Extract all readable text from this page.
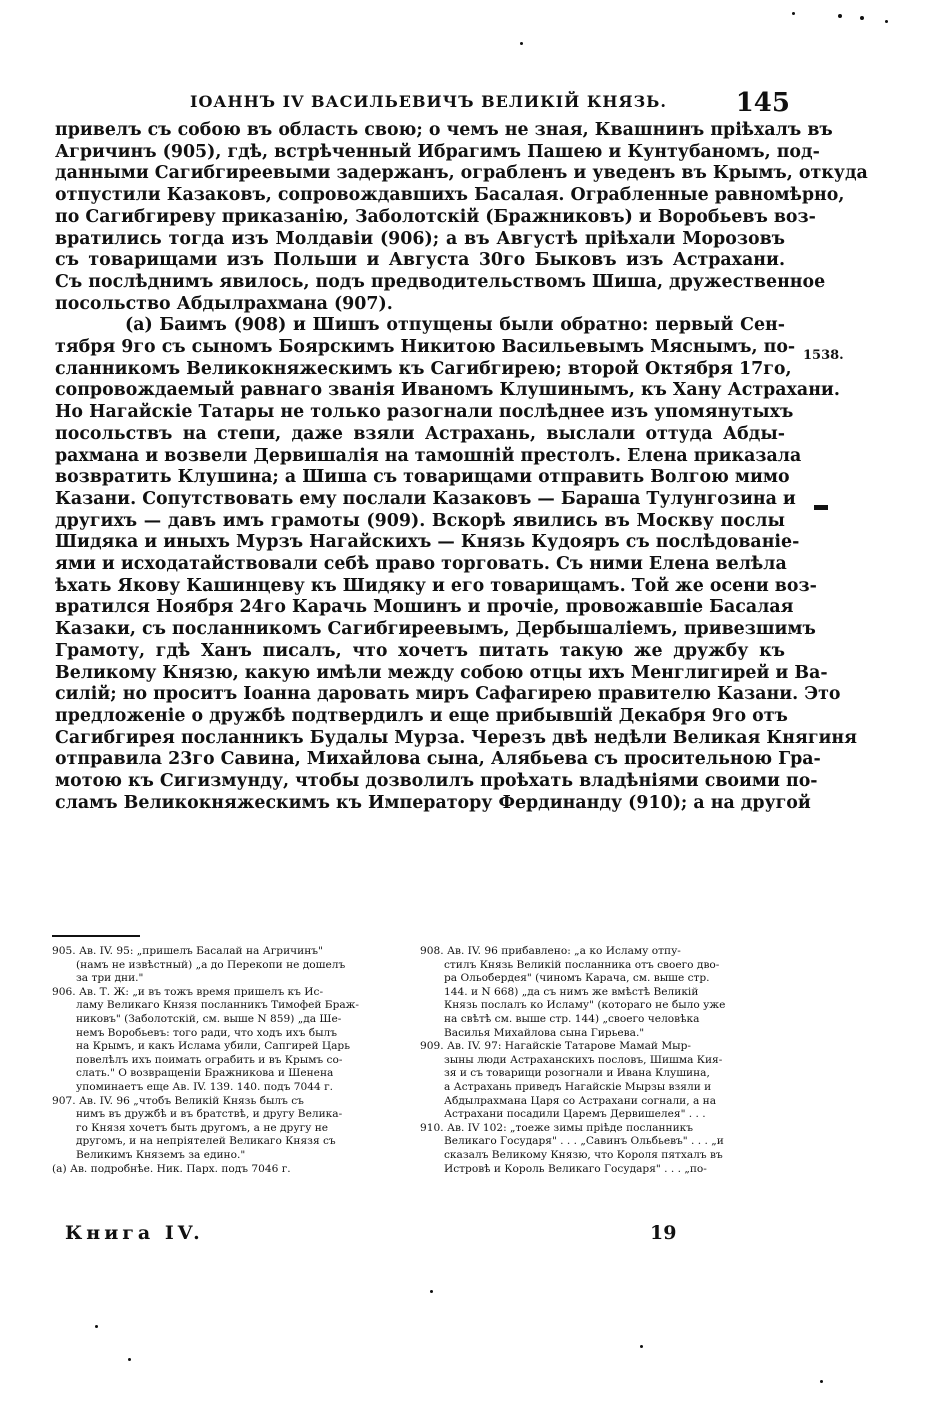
ІОАННЪ IV ВАСИЛЬЕВИЧЪ ВЕЛИКІЙ КНЯЗЬ.	145
привелъ съ собою въ область свою; о чемъ не зная, Квашнинъ пріѣхалъ въ
Агричинъ (905), гдѣ, встрѣченный Ибрагимъ Пашею и Кунтубаномъ, под-
данными Сагибгиреевыми задержанъ, ограбленъ и уведенъ въ Крымъ, откуда
отпустили Казаковъ, сопровождавшихъ Басалая. Ограбленные равномѣрно,
по Сагибгиреву приказанію, Заболотскій (Бражниковъ) и Воробьевъ воз-
вратились тогда изъ Молдавіи (906); а въ Августѣ пріѣхали Морозовъ
съ товарищами изъ Польши и Августа 30го Быковъ изъ Астрахани.
Съ послѣднимъ явилось, подъ предводительствомъ Шиша, дружественное
посольство Абдылрахмана (907).
(а) Баимъ (908) и Шишъ отпущены были обратно: первый Сен-
тября 9го съ сыномъ Боярскимъ Никитою Васильевымъ Мяснымъ, по-
сланникомъ Великокняжескимъ къ Сагибгирею; второй Октября 17го,
сопровождаемый равнаго званія Иваномъ Клушинымъ, къ Хану Астрахани.
Но Нагайскіе Татары не только разогнали послѣднее изъ упомянутыхъ
посольствъ на степи, даже взяли Астрахань, выслали оттуда Абды-
рахмана и возвели Дервишалія на тамошній престолъ. Елена приказала
возвратить Клушина; а Шиша съ товарищами отправить Волгою мимо
Казани. Сопутствовать ему послали Казаковъ — Бараша Тулунгозина и
другихъ — давъ имъ грамоты (909). Вскорѣ явились въ Москву послы
Шидяка и иныхъ Мурзъ Нагайскихъ — Князь Кудояръ съ послѣдованіе-
ями и исходатайствовали себѣ право торговать. Съ ними Елена велѣла
ѣхать Якову Кашинцеву къ Шидяку и его товарищамъ. Той же осени воз-
вратился Ноября 24го Карачь Мошинъ и прочіе, провожавшіе Басалая
Казаки, съ посланникомъ Сагибгиреевымъ, Дербышаліемъ, привезшимъ
Грамоту, гдѣ Ханъ писалъ, что хочетъ питать такую же дружбу къ
Великому Князю, какую имѣли между собою отцы ихъ Менглигирей и Ва-
силій; но проситъ Іоанна даровать миръ Сафагирею правителю Казани. Это
предложеніе о дружбѣ подтвердилъ и еще прибывшій Декабря 9го отъ
Сагибгирея посланникъ Будалы Мурза. Черезъ двѣ недѣли Великая Княгиня
отправила 23го Савина, Михайлова сына, Алябьева съ просительною Гра-
мотою къ Сигизмунду, чтобы дозволилъ проѣхать владѣніями своими по-
сламъ Великокняжескимъ къ Императору Фердинанду (910); а на другой
1538.
905. Ав. IV. 95: „пришелъ Басалай на Агричинъ"
(намъ не извѣстный) „а до Перекопи не дошелъ
за три дни."
906. Ав. Т. Ж: „и въ тожъ время пришелъ къ Ис-
ламу Великаго Князя посланникъ Тимофей Браж-
никовъ" (Заболотскій, см. выше N 859) „да Ше-
немъ Воробьевъ: того ради, что ходъ ихъ былъ
на Крымъ, и какъ Ислама убили, Сапгирей Царь
повелѣлъ ихъ поимать ограбить и въ Крымъ со-
слать." О возвращеніи Бражникова и Шенена
упоминаетъ еще Ав. IV. 139. 140. подъ 7044 г.
907. Ав. IV. 96 „чтобъ Великій Князь былъ съ
нимъ въ дружбѣ и въ братствѣ, и другу Велика-
го Князя хочетъ быть другомъ, а не другу не
другомъ, и на непріятелей Великаго Князя съ
Великимъ Княземъ за едино."
(а) Ав. подробнѣе. Ник. Парх. подъ 7046 г.
908. Ав. IV. 96 прибавлено: „а ко Исламу отпу-
стилъ Князь Великій посланника отъ своего дво-
ра Ольобердея" (чиномъ Карача, см. выше стр.
144. и N 668) „да съ нимъ же вмѣстѣ Великій
Князь послалъ ко Исламу" (котораго не было уже
на свѣтѣ см. выше стр. 144) „своего человѣка
Василья Михайлова сына Гирьева."
909. Ав. IV. 97: Нагайскіе Татарове Мамай Мыр-
зыны люди Астраханскихъ пословъ, Шишма Кия-
зя и съ товарищи розогнали и Ивана Клушина,
а Астрахань приведъ Нагайскіе Мырзы взяли и
Абдылрахмана Царя со Астрахани согнали, а на
Астрахани посадили Царемъ Дервишелея" . . .
910. Ав. IV 102: „тоеже зимы пріѣде посланникъ
Великаго Государя" . . . „Савинъ Ольбьевъ" . . . „и
сказалъ Великому Князю, что Короля пятхалъ въ
Истровѣ и Король Великаго Государя" . . . „по-
Книга IV.	19
